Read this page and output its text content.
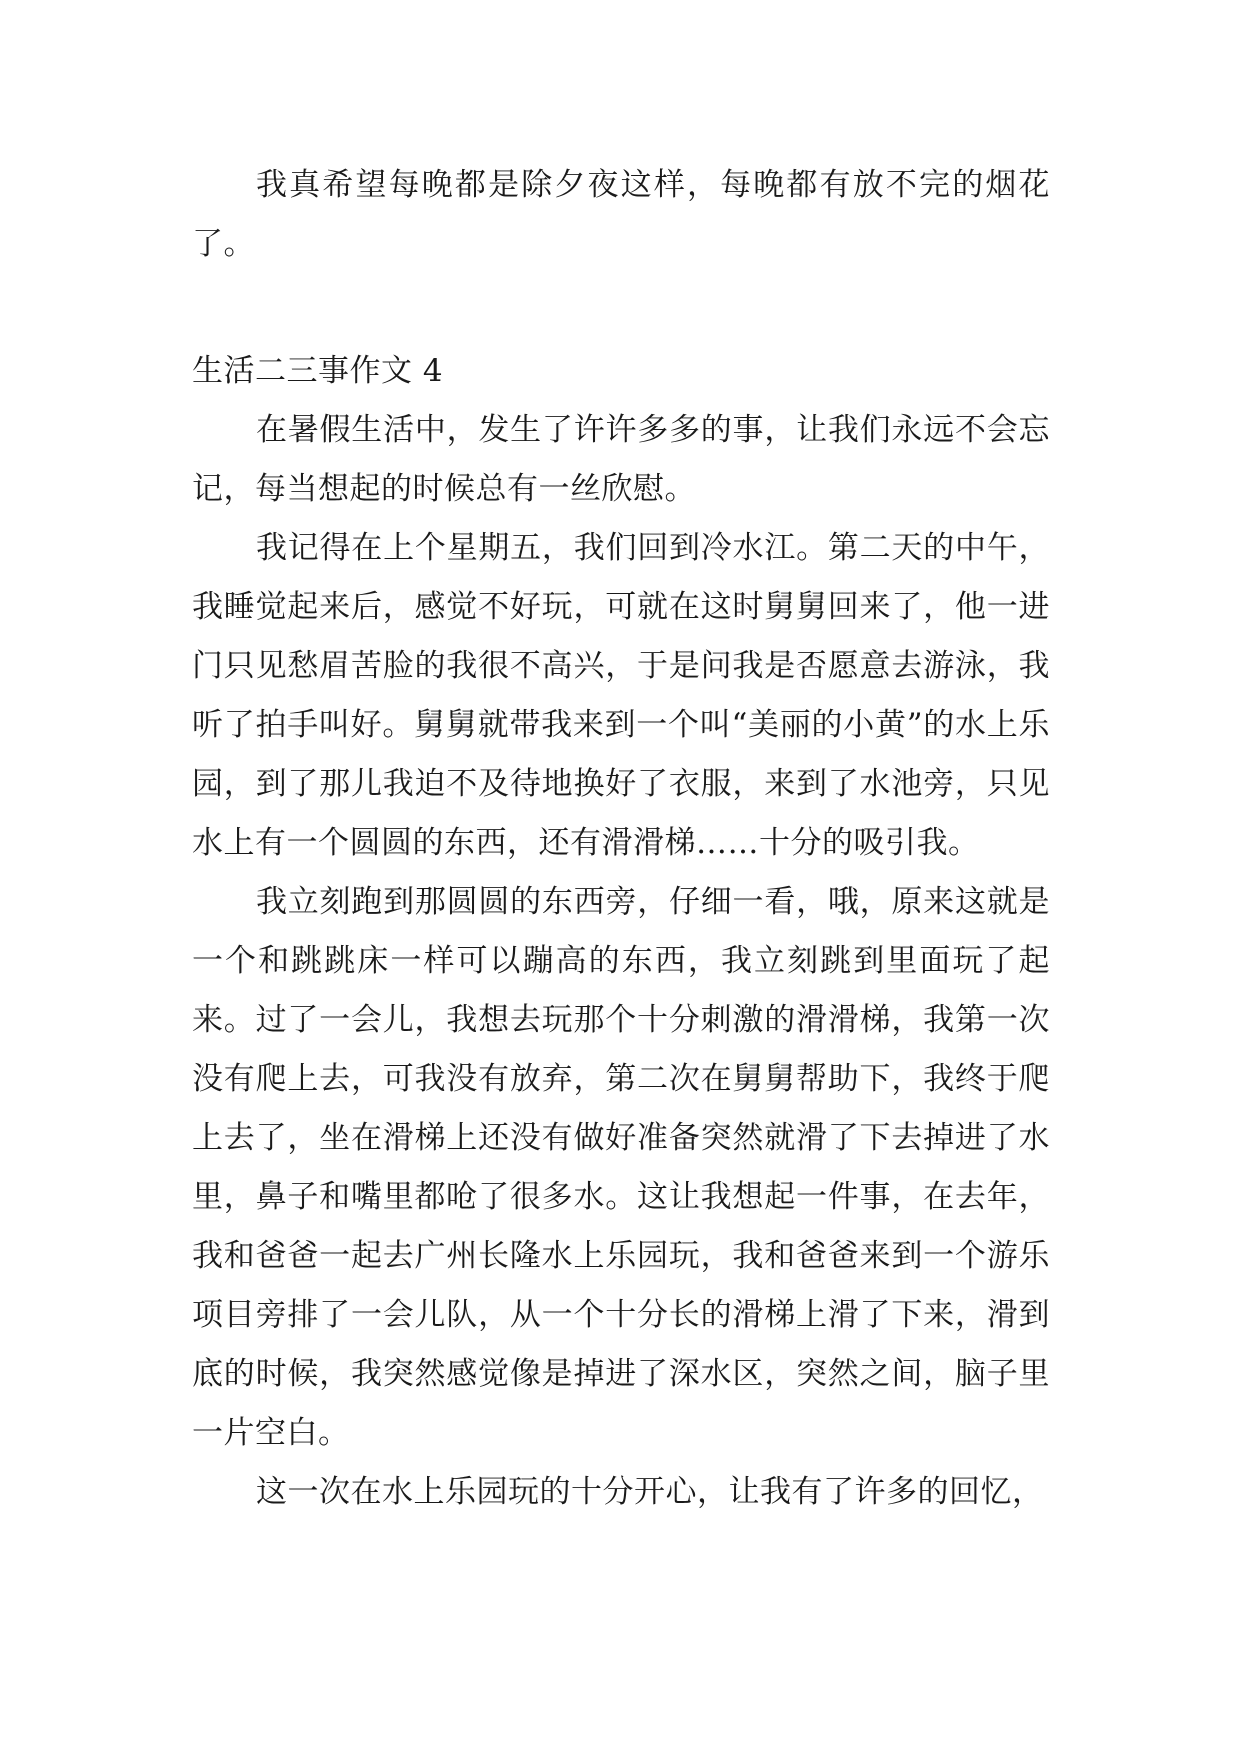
我真希望每晚都是除夕夜这样，每晚都有放不完的烟花了。

生活二三事作文 4

在暑假生活中，发生了许许多多的事，让我们永远不会忘记，每当想起的时候总有一丝欣慰。

我记得在上个星期五，我们回到冷水江。第二天的中午，我睡觉起来后，感觉不好玩，可就在这时舅舅回来了，他一进门只见愁眉苦脸的我很不高兴，于是问我是否愿意去游泳，我听了拍手叫好。舅舅就带我来到一个叫“美丽的小黄”的水上乐园，到了那儿我迫不及待地换好了衣服，来到了水池旁，只见水上有一个圆圆的东西，还有滑滑梯……十分的吸引我。

我立刻跑到那圆圆的东西旁，仔细一看，哦，原来这就是一个和跳跳床一样可以蹦高的东西，我立刻跳到里面玩了起来。过了一会儿，我想去玩那个十分刺激的滑滑梯，我第一次没有爬上去，可我没有放弃，第二次在舅舅帮助下，我终于爬上去了，坐在滑梯上还没有做好准备突然就滑了下去掉进了水里，鼻子和嘴里都呛了很多水。这让我想起一件事，在去年，我和爸爸一起去广州长隆水上乐园玩，我和爸爸来到一个游乐项目旁排了一会儿队，从一个十分长的滑梯上滑了下来，滑到底的时候，我突然感觉像是掉进了深水区，突然之间，脑子里一片空白。

这一次在水上乐园玩的十分开心，让我有了许多的回忆，
